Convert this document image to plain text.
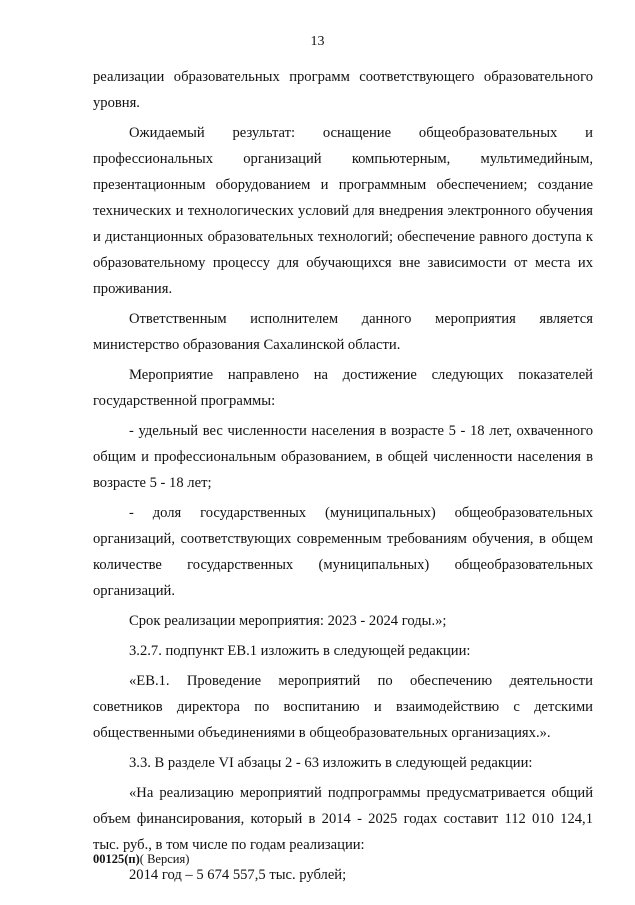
13

реализации образовательных программ соответствующего образовательного уровня.

Ожидаемый результат: оснащение общеобразовательных и профессиональных организаций компьютерным, мультимедийным, презентационным оборудованием и программным обеспечением; создание технических и технологических условий для внедрения электронного обучения и дистанционных образовательных технологий; обеспечение равного доступа к образовательному процессу для обучающихся вне зависимости от места их проживания.

Ответственным исполнителем данного мероприятия является министерство образования Сахалинской области.

Мероприятие направлено на достижение следующих показателей государственной программы:

- удельный вес численности населения в возрасте 5 - 18 лет, охваченного общим и профессиональным образованием, в общей численности населения в возрасте 5 - 18 лет;

- доля государственных (муниципальных) общеобразовательных организаций, соответствующих современным требованиям обучения, в общем количестве государственных (муниципальных) общеобразовательных организаций.

Срок реализации мероприятия: 2023 - 2024 годы.»;

3.2.7. подпункт ЕВ.1 изложить в следующей редакции:

«ЕВ.1. Проведение мероприятий по обеспечению деятельности советников директора по воспитанию и взаимодействию с детскими общественными объединениями в общеобразовательных организациях.».

3.3. В разделе VI абзацы 2 - 63 изложить в следующей редакции:

«На реализацию мероприятий подпрограммы предусматривается общий объем финансирования, который в 2014 - 2025 годах составит 112 010 124,1 тыс. руб., в том числе по годам реализации:

2014 год – 5 674 557,5 тыс. рублей;

00125(п)( Версия)
